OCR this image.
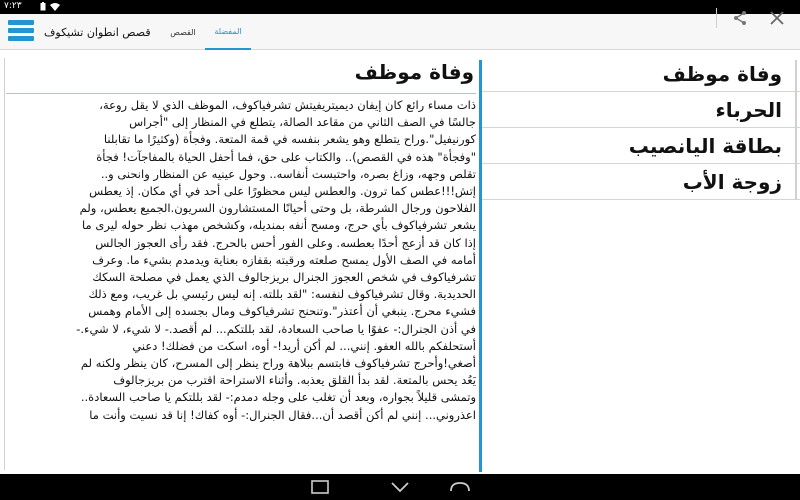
٧:٢٣
قصص انطوان تشيكوف	القصص	المفضلة
وفاة موظف
ذات مساء رائع كان إيفان ديميتريفيتش تشرفياكوف، الموظف الذي لا يقل روعة،
جالسًا في الصف الثاني من مقاعد الصالة، يتطلع في المنظار إلى "أجراس
كورنيفيل".وراح يتطلع وهو يشعر بنفسه في قمة المتعة. وفجأة (وكثيرًا ما تقابلنا
"وفجأة" هذه في القصص).. والكتاب على حق، فما أحفل الحياة بالمفاجآت! فجأة
تقلص وجهه، وزاغ بصره، واحتبست أنفاسه.. وحول عينيه عن المنظار وانحنى و..
إتش!!!عطس كما ترون. والعطس ليس محظورًا على أحد في أي مكان. إذ يعطس
الفلاحون ورجال الشرطة، بل وحتى أحيانًا المستشارون السريون.الجميع يعطس، ولم
يشعر تشرفياكوف بأي حرج، ومسح أنفه بمنديله، وكشخص مهذب نظر حوله ليرى ما
إذا كان قد أزعج أحدًا بعطسه. وعلى الفور أحس بالحرج. فقد رأى العجوز الجالس
أمامه في الصف الأول يمسح صلعته ورقبته بقفازه بعناية ويدمدم بشيء ما. وعرف
تشرفياكوف في شخص العجوز الجنرال بريزجالوف الذي يعمل في مصلحة السكك
الحديدية. وقال تشرفياكوف لنفسه: "لقد بللته. إنه ليس رئيسي بل غريب، ومع ذلك
فشيء محرج. ينبغي أن أعتذر".وتنحنح تشرفياكوف ومال بجسده إلى الأمام وهمس
في أذن الجنرال:- عفوًا يا صاحب السعادة، لقد بللتكم... لم أقصد.- لا شيء، لا شيء.-
أستحلفكم بالله العفو. إنني... لم أكن أريد!- أوه، اسكت من فضلك! دعني
أصغي!وأحرج تشرفياكوف فابتسم ببلاهة وراح ينظر إلى المسرح، كان ينظر ولكنه لم
يَعُد يحس بالمتعة. لقد بدأ القلق يعذبه. وأثناء الاستراحة اقترب من بريزجالوف
وتمشى قليلاً بجواره، وبعد أن تغلب على وجله دمدم:- لقد بللتكم يا صاحب السعادة..
اعذروني... إنني لم أكن أقصد أن...فقال الجنرال:- أوه كفاك! إنا قد نسيت وأنت ما
وفاة موظف
الحرباء
بطاقة اليانصيب
زوجة الأب
